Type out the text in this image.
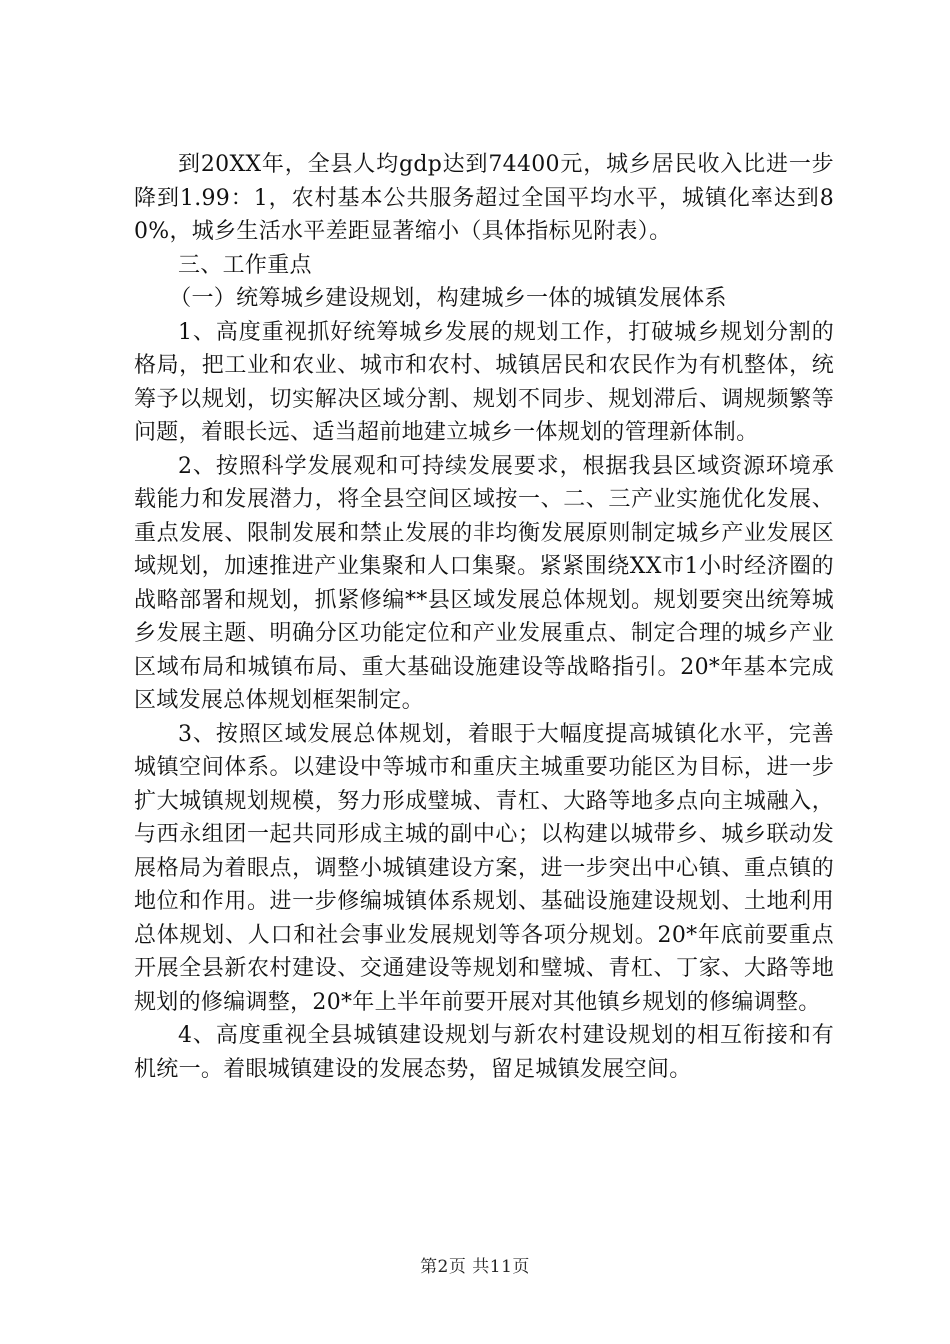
到20XX年，全县人均gdp达到74400元，城乡居民收入比进一步降到1.99：1，农村基本公共服务超过全国平均水平，城镇化率达到80%，城乡生活水平差距显著缩小（具体指标见附表）。

三、工作重点

（一）统筹城乡建设规划，构建城乡一体的城镇发展体系

1、高度重视抓好统筹城乡发展的规划工作，打破城乡规划分割的格局，把工业和农业、城市和农村、城镇居民和农民作为有机整体，统筹予以规划，切实解决区域分割、规划不同步、规划滞后、调规频繁等问题，着眼长远、适当超前地建立城乡一体规划的管理新体制。

2、按照科学发展观和可持续发展要求，根据我县区域资源环境承载能力和发展潜力，将全县空间区域按一、二、三产业实施优化发展、重点发展、限制发展和禁止发展的非均衡发展原则制定城乡产业发展区域规划，加速推进产业集聚和人口集聚。紧紧围绕XX市1小时经济圈的战略部署和规划，抓紧修编**县区域发展总体规划。规划要突出统筹城乡发展主题、明确分区功能定位和产业发展重点、制定合理的城乡产业区域布局和城镇布局、重大基础设施建设等战略指引。20*年基本完成区域发展总体规划框架制定。

3、按照区域发展总体规划，着眼于大幅度提高城镇化水平，完善城镇空间体系。以建设中等城市和重庆主城重要功能区为目标，进一步扩大城镇规划规模，努力形成璧城、青杠、大路等地多点向主城融入，与西永组团一起共同形成主城的副中心；以构建以城带乡、城乡联动发展格局为着眼点，调整小城镇建设方案，进一步突出中心镇、重点镇的地位和作用。进一步修编城镇体系规划、基础设施建设规划、土地利用总体规划、人口和社会事业发展规划等各项分规划。20*年底前要重点开展全县新农村建设、交通建设等规划和璧城、青杠、丁家、大路等地规划的修编调整，20*年上半年前要开展对其他镇乡规划的修编调整。

4、高度重视全县城镇建设规划与新农村建设规划的相互衔接和有机统一。着眼城镇建设的发展态势，留足城镇发展空间。

第2页 共11页
